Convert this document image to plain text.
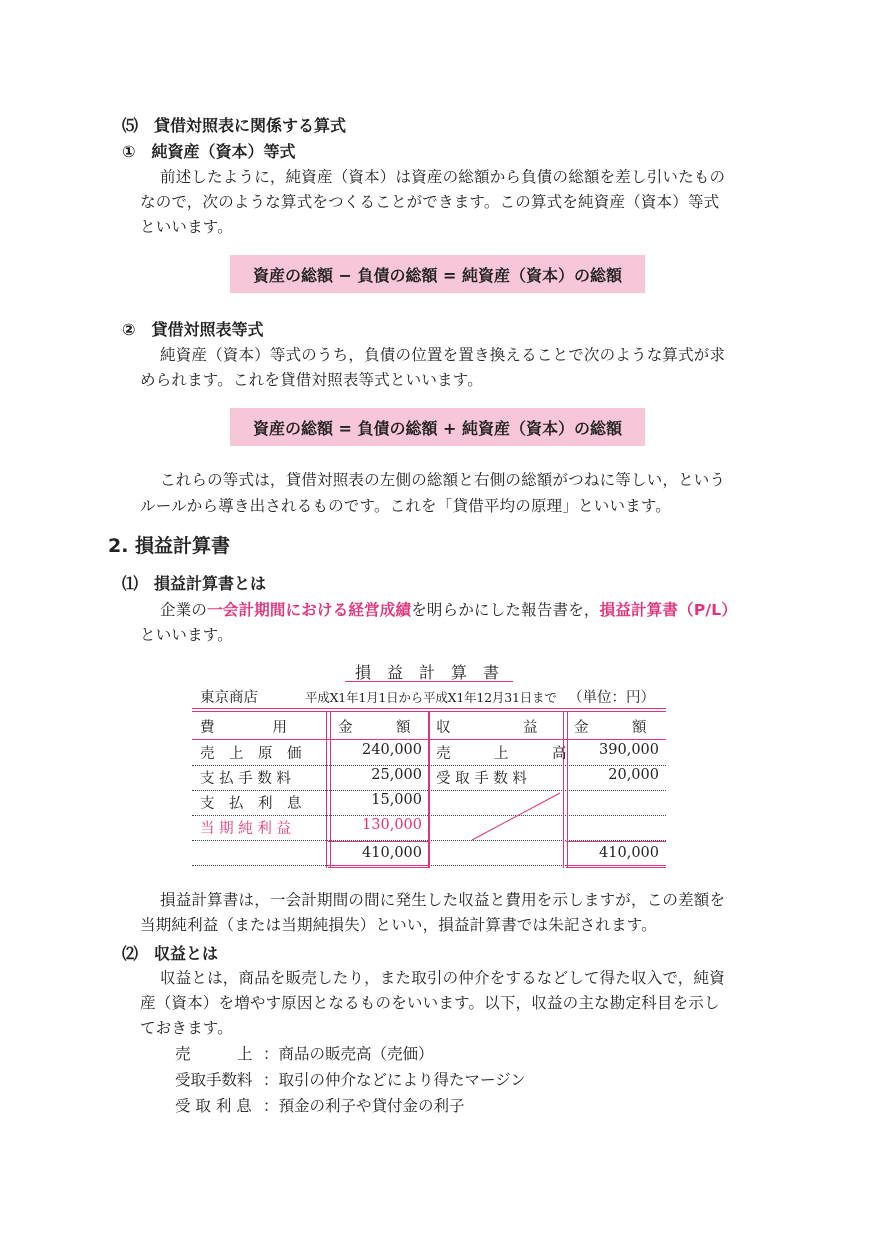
⑸　貸借対照表に関係する算式
①　純資産（資本）等式
前述したように，純資産（資本）は資産の総額から負債の総額を差し引いたもの
なので，次のような算式をつくることができます。この算式を純資産（資本）等式
といいます。
資産の総額 − 負債の総額 = 純資産（資本）の総額
②　貸借対照表等式
純資産（資本）等式のうち，負債の位置を置き換えることで次のような算式が求
められます。これを貸借対照表等式といいます。
資産の総額 = 負債の総額 + 純資産（資本）の総額
これらの等式は，貸借対照表の左側の総額と右側の総額がつねに等しい，という
ルールから導き出されるものです。これを「貸借平均の原理」といいます。
2. 損益計算書
⑴　損益計算書とは
企業の一会計期間における経営成績を明らかにした報告書を，損益計算書（P/L）
といいます。
損　益　計　算　書
東京商店	平成X1年1月1日から平成X1年12月31日まで （単位：円）
費　　　　用	金　　　額 収　　　　　益	金　　　額
売　上　原　価	240,000 売　　　上　　　高	390,000
支 払 手 数 料	25,000 受 取 手 数 料	20,000
支　払　利　息	15,000
当 期 純 利 益	130,000
410,000	410,000
損益計算書は，一会計期間の間に発生した収益と費用を示しますが，この差額を
当期純利益（または当期純損失）といい，損益計算書では朱記されます。
⑵　収益とは
収益とは，商品を販売したり，また取引の仲介をするなどして得た収入で，純資
産（資本）を増やす原因となるものをいいます。以下，収益の主な勘定科目を示し
ておきます。
売　　　上 ：商品の販売高（売価）
受取手数料 ：取引の仲介などにより得たマージン
受 取 利 息 ：預金の利子や貸付金の利子
